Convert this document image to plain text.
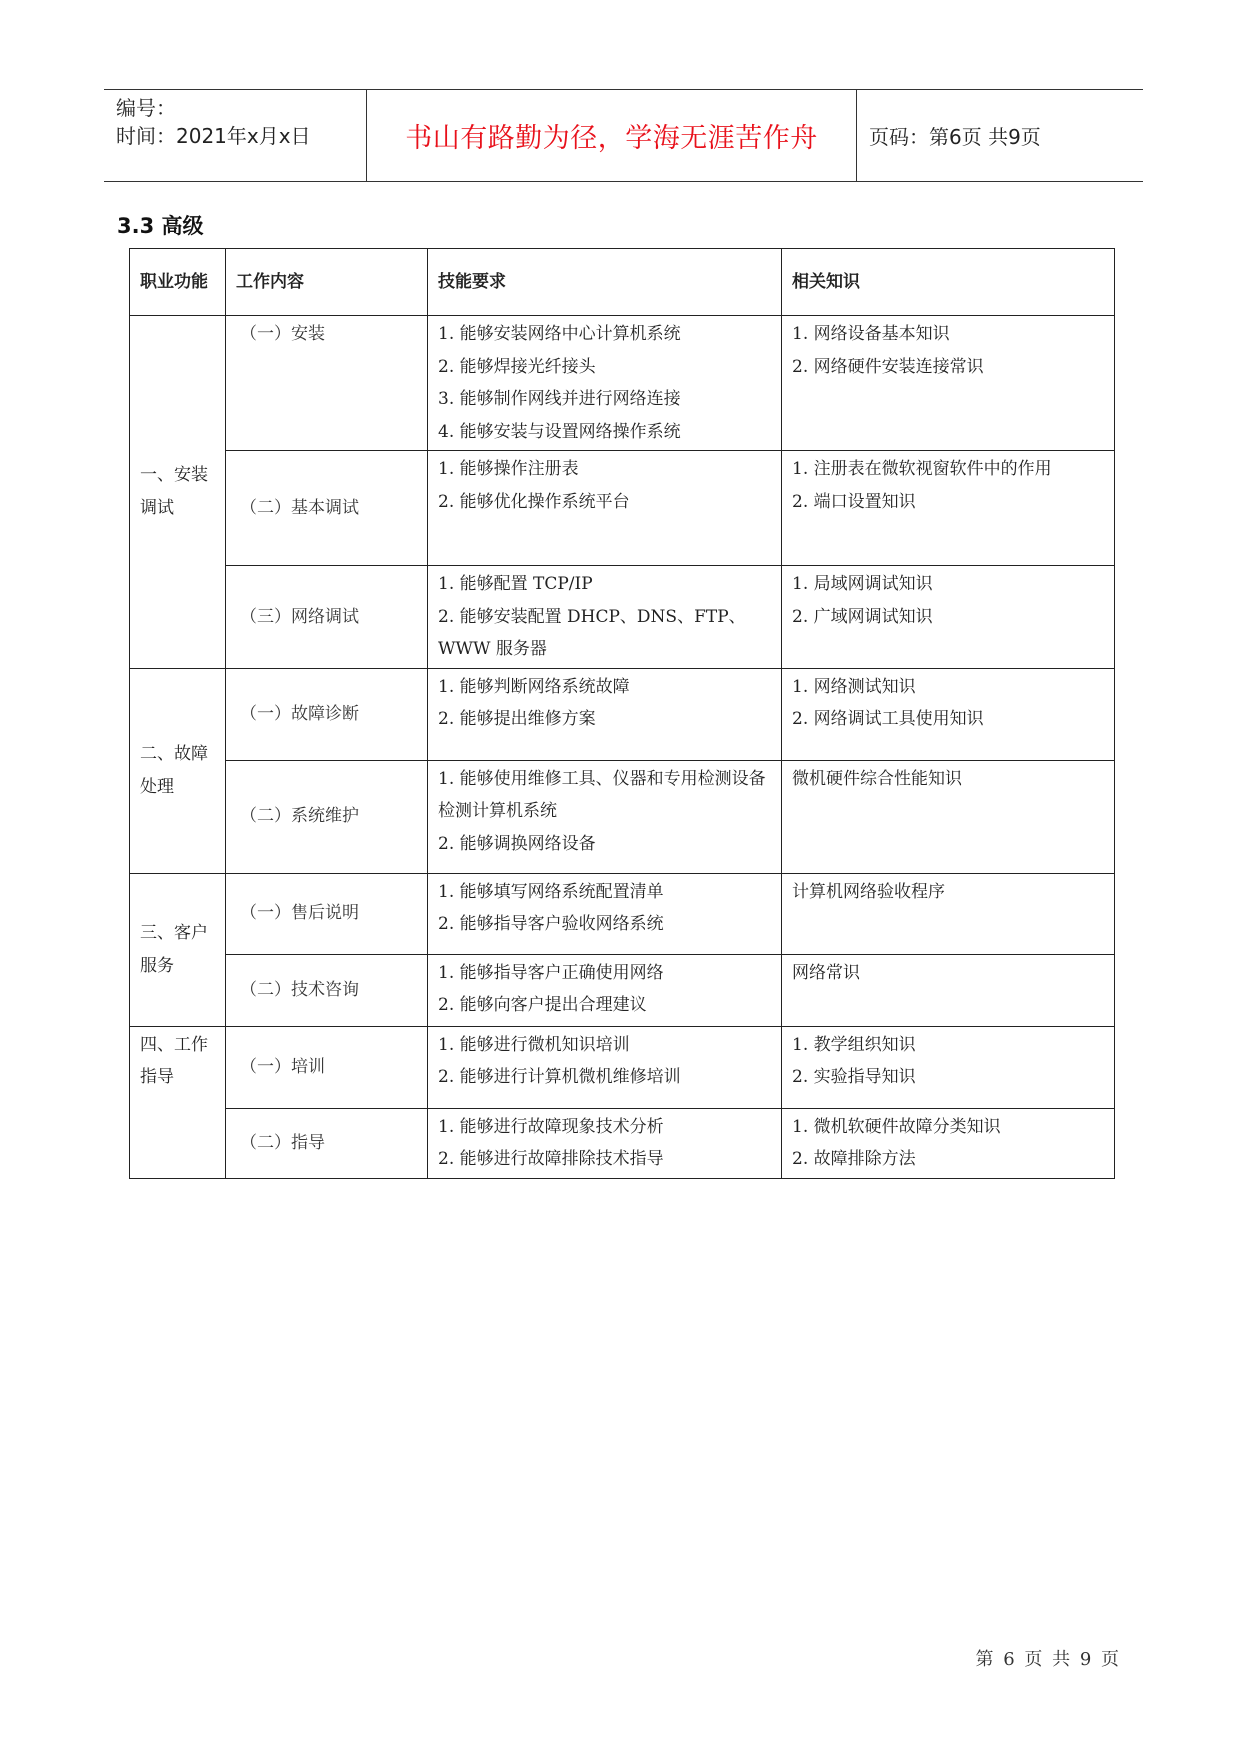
编号：
时间：2021年x月x日	书山有路勤为径，学海无涯苦作舟	页码：第6页 共9页
3.3 高级
职业功能	工作内容	技能要求	相关知识
一、安装调试	（一）安装	1. 能够安装网络中心计算机系统
2. 能够焊接光纤接头
3. 能够制作网线并进行网络连接
4. 能够安装与设置网络操作系统	1. 网络设备基本知识
2. 网络硬件安装连接常识

	（二）基本调试	1. 能够操作注册表
2. 能够优化操作系统平台	1. 注册表在微软视窗软件中的作用
2. 端口设置知识

	（三）网络调试	1. 能够配置 TCP/IP
2. 能够安装配置 DHCP、DNS、FTP、WWW 服务器	1. 局域网调试知识
2. 广域网调试知识

二、故障处理	（一）故障诊断	1. 能够判断网络系统故障
2. 能够提出维修方案	1. 网络测试知识
2. 网络调试工具使用知识

	（二）系统维护	1. 能够使用维修工具、仪器和专用检测设备检测计算机系统
2. 能够调换网络设备	微机硬件综合性能知识

三、客户服务	（一）售后说明	1. 能够填写网络系统配置清单
2. 能够指导客户验收网络系统	计算机网络验收程序

	（二）技术咨询	1. 能够指导客户正确使用网络
2. 能够向客户提出合理建议	网络常识

四、工作指导	（一）培训	1. 能够进行微机知识培训
2. 能够进行计算机微机维修培训	1. 教学组织知识
2. 实验指导知识

	（二）指导	1. 能够进行故障现象技术分析
2. 能够进行故障排除技术指导	1. 微机软硬件故障分类知识
2. 故障排除方法
第 6 页 共 9 页
